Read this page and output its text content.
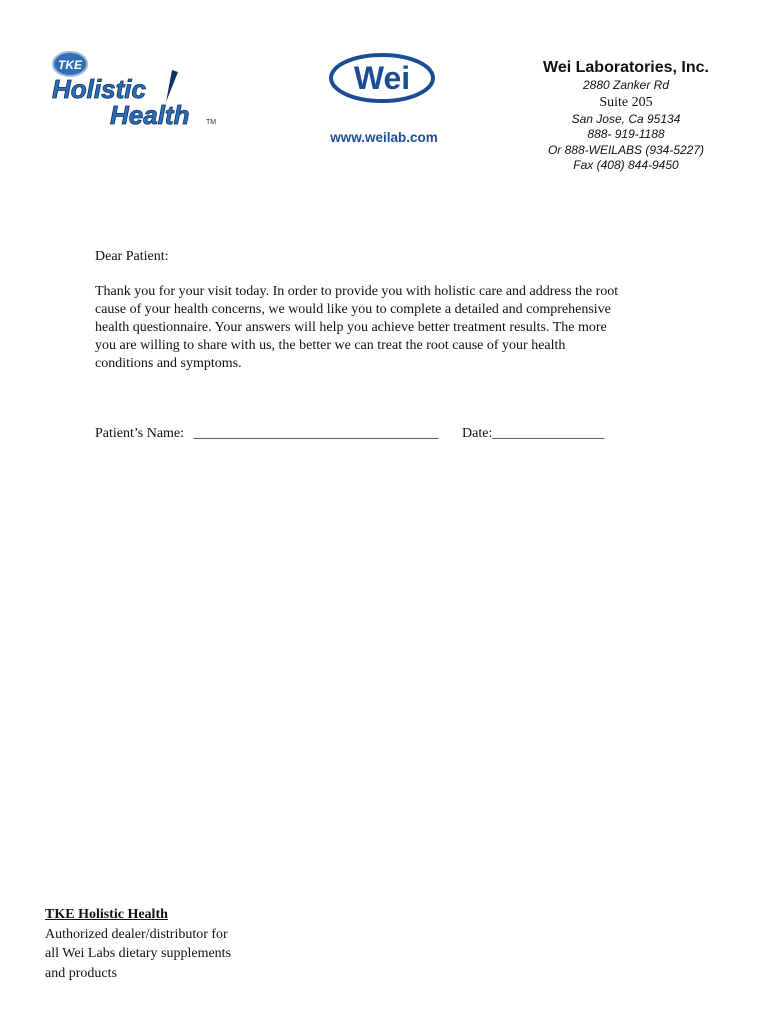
TKE
Holistic
Health TM
Wei
www.weilab.com
Wei Laboratories, Inc.
2880 Zanker Rd
Suite 205
San Jose, Ca 95134
888- 919-1188
Or 888-WEILABS (934-5227)
Fax (408) 844-9450

Dear Patient:

Thank you for your visit today. In order to provide you with holistic care and address the root
cause of your health concerns, we would like you to complete a detailed and comprehensive
health questionnaire. Your answers will help you achieve better treatment results. The more
you are willing to share with us, the better we can treat the root cause of your health
conditions and symptoms.

Patient’s Name: ___________________________________ Date:________________
TKE Holistic Health
Authorized dealer/distributor for
all Wei Labs dietary supplements
and products
